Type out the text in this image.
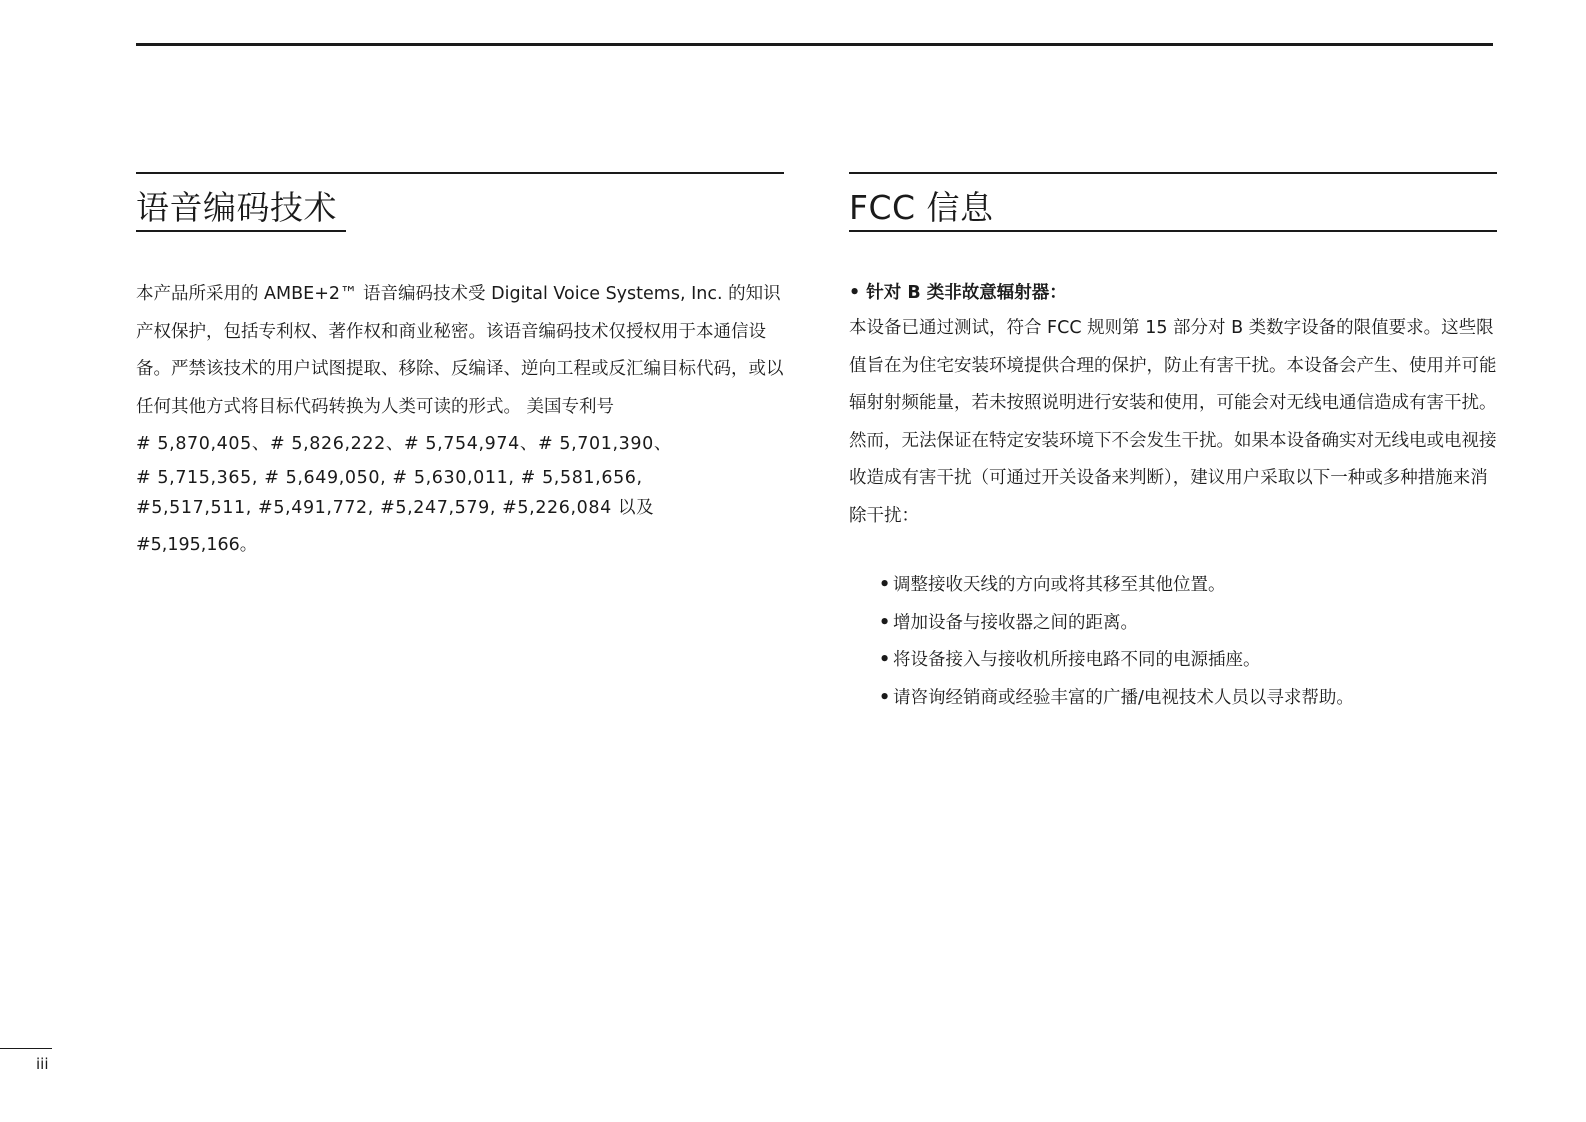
语音编码技术

本产品所采用的 AMBE+2™ 语音编码技术受 Digital Voice Systems, Inc. 的知识产权保护，包括专利权、著作权和商业秘密。该语音编码技术仅授权用于本通信设备。严禁该技术的用户试图提取、移除、反编译、逆向工程或反汇编目标代码，或以任何其他方式将目标代码转换为人类可读的形式。 美国专利号

# 5,870,405、# 5,826,222、# 5,754,974、# 5,701,390、
# 5,715,365, # 5,649,050, # 5,630,011, # 5,581,656,
#5,517,511, #5,491,772, #5,247,579, #5,226,084 以及
#5,195,166。
FCC 信息

• 针对 B 类非故意辐射器：

本设备已通过测试，符合 FCC 规则第 15 部分对 B 类数字设备的限值要求。这些限值旨在为住宅安装环境提供合理的保护，防止有害干扰。本设备会产生、使用并可能辐射射频能量，若未按照说明进行安装和使用，可能会对无线电通信造成有害干扰。 然而，无法保证在特定安装环境下不会发生干扰。如果本设备确实对无线电或电视接收造成有害干扰（可通过开关设备来判断），建议用户采取以下一种或多种措施来消除干扰：

• 调整接收天线的方向或将其移至其他位置。
• 增加设备与接收器之间的距离。
• 将设备接入与接收机所接电路不同的电源插座。
• 请咨询经销商或经验丰富的广播/电视技术人员以寻求帮助。
iii
